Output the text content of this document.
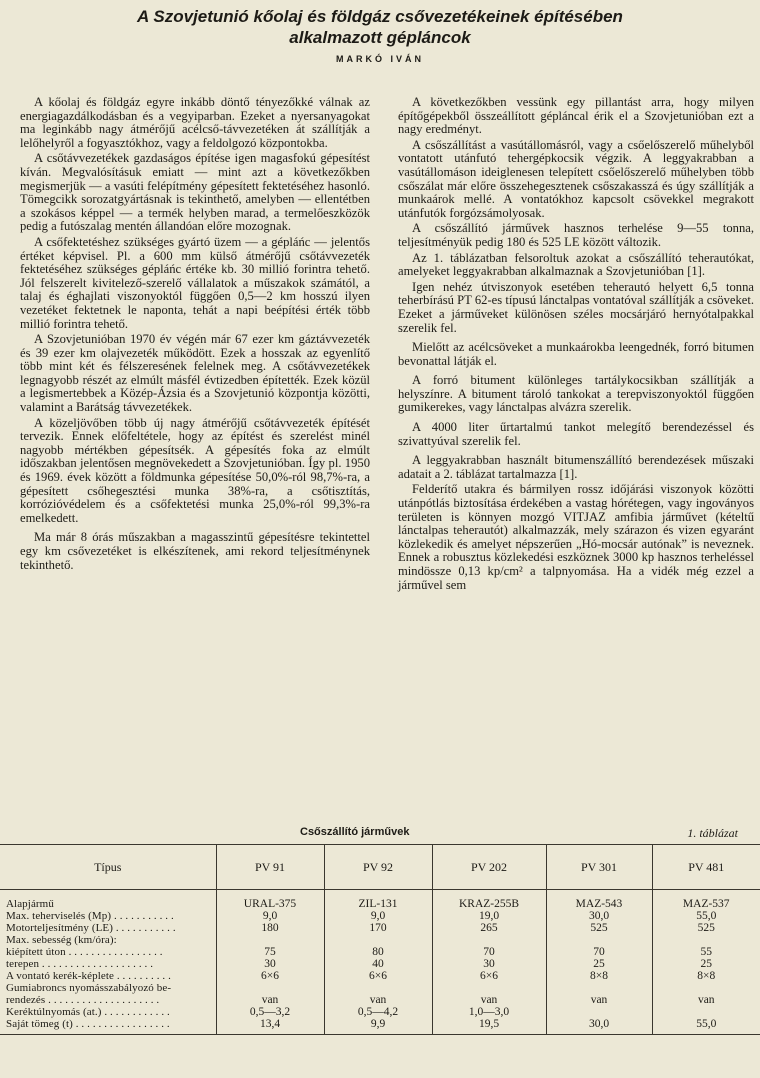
A Szovjetunió kőolaj és földgáz csővezetékeinek építésében
alkalmazott géplánc​ok
MARKÓ IVÁN

A kőolaj és földgáz egyre inkább döntő tényezőkké válnak az energiagazdálkodásban és a vegyiparban. Ezeket a nyersanyagokat ma leginkább nagy átmérőjű acélcső-távvezetéken át szállítják a lelőhelyről a fogyasztókhoz, vagy a feldolgozó központokba.

A csőtávvezetékek gazdaságos építése igen magasfokú gépesítést kíván. Megvalósításuk emiatt — mint azt a következőkben megismerjük — a vasúti felépítmény gépesített fektetéséhez hasonló. Tömegcikk sorozatgyártásnak is tekinthető, amelyben — ellentétben a szokásos képpel — a termék helyben marad, a termelőeszközök pedig a futószalag mentén állandóan előre mozognak.

A csőfektetéshez szükséges gyártó üzem — a gépláńc — jelentős értéket képvisel. Pl. a 600 mm külső átmérőjű csőtávvezeték fektetéséhez szükséges gépláńc értéke kb. 30 millió forintra tehető. Jól felszerelt kivitelező-szerelő vállalatok a műszakok számától, a talaj és éghajlati viszonyoktól függően 0,5—2 km hosszú ilyen vezetéket fektetnek le naponta, tehát a napi beépítési érték több millió forintra tehető.

A Szovjetunióban 1970 év végén már 67 ezer km gáztávvezeték és 39 ezer km olajvezeték működött. Ezek a hosszak az egyenlítő több mint két és félszeresének felelnek meg. A csőtávvezetékek legnagyobb részét az elmúlt másfél évtizedben építették. Ezek közül a legismertebbek a Közép-Ázsia és a Szovjetunió központja közötti, valamint a Barátság távvezetékek.

A közeljövőben több új nagy átmérőjű csőtávvezeték építését tervezik. Ennek előfeltétele, hogy az építést és szerelést minél nagyobb mértékben gépesítsék. A gépesítés foka az elmúlt időszakban jelentősen megnövekedett a Szovjetunióban. Így pl. 1950 és 1969. évek között a földmunka gépesítése 50,0%-ról 98,7%-ra, a gépesített csőhegesztési munka 38%-ra, a csőtisztítás, korrózióvédelem és a csőfektetési munka 25,0%-ról 99,3%-ra emelkedett.

Ma már 8 órás műszakban a magasszintű gépesítésre tekintettel egy km csővezetéket is elkészítenek, ami rekord teljesítménynek tekinthető.

A következőkben vessünk egy pillantást arra, hogy milyen építőgépekből összeállított gépláncal érik el a Szovjetunióban ezt a nagy eredményt.

A csőszállítást a vasútállomásról, vagy a csőelőszerelő műhelyből vontatott utánfutó tehergépkocsik végzik. A leggyakrabban a vasútállomáson ideiglenesen telepített csőelőszerelő műhelyben több csőszálat már előre összehegesztenek csőszakasszá és úgy szállítják a munkaárok mellé. A vontatókhoz kapcsolt csövekkel megrakott utánfutók forgózsámolyosak.

A csőszállító járművek hasznos terhelése 9—55 tonna, teljesítményük pedig 180 és 525 LE között változik.

Az 1. táblázatban felsoroltuk azokat a csőszállító teherautókat, amelyeket leggyakrabban alkalmaznak a Szovjetunióban [1].

Igen nehéz útviszonyok esetében teherautó helyett 6,5 tonna teherbírású PT 62-es típusú lánctalpas vontatóval szállítják a csöveket. Ezeket a járműveket különösen széles mocsárjáró hernyótalpakkal szerelik fel.

Mielőtt az acélcsöveket a munkaárokba leengednék, forró bitumen bevonattal látják el.

A forró bitument különleges tartálykocsikban szállítják a helyszínre. A bitument tároló tankokat a terepviszonyoktól függően gumikerekes, vagy lánctalpas alvázra szerelik.

A 4000 liter űrtartalmú tankot melegítő berendezéssel és szivattyúval szerelik fel.

A leggyakrabban használt bitumenszállító berendezések műszaki adatait a 2. táblázat tartalmazza [1].

Felderítő utakra és bármilyen rossz időjárási viszonyok közötti utánpótlás biztosítása érdekében a vastag hórétegen, vagy ingoványos területen is könnyen mozgó VITJAZ amfibia járművet (kételtű lánctalpas teherautót) alkalmazzák, mely szárazon és vizen egyaránt közlekedik és amelyet népszerűen „Hó-mocsár autónak” is neveznek. Ennek a robusztus közlekedési eszköznek 3000 kp hasznos terheléssel mindössze 0,13 kp/cm² a talpnyomása. Ha a vidék még ezzel a járművel sem

Csőszállító járművek	1. táblázat
Típus	PV 91	PV 92	PV 202	PV 301	PV 481

Alapjármű	URAL-375	ZIL-131	KRAZ-255B	MAZ-543	MAZ-537
Max. teherviselés (Mp) . . . . . . . . . . .	9,0	9,0	19,0	30,0	55,0
Motorteljesítmény (LE) . . . . . . . . . . .	180	170	265	525	525
Max. sebesség (km/óra):					
kiépített úton . . . . . . . . . . . . . . . . .	75	80	70	70	55
terepen . . . . . . . . . . . . . . . . . . . .	30	40	30	25	25
A vontató kerék-képlete . . . . . . . . . .	6×6	6×6	6×6	8×8	8×8
Gumiabroncs nyomásszabályozó be-					
rendezés . . . . . . . . . . . . . . . . . . . .	van	van	van	van	van
Keréktúlnyomás (at.) . . . . . . . . . . . .	0,5—3,2	0,5—4,2	1,0—3,0		
Saját tömeg (t) . . . . . . . . . . . . . . . . .	13,4	9,9	19,5	30,0	55,0
